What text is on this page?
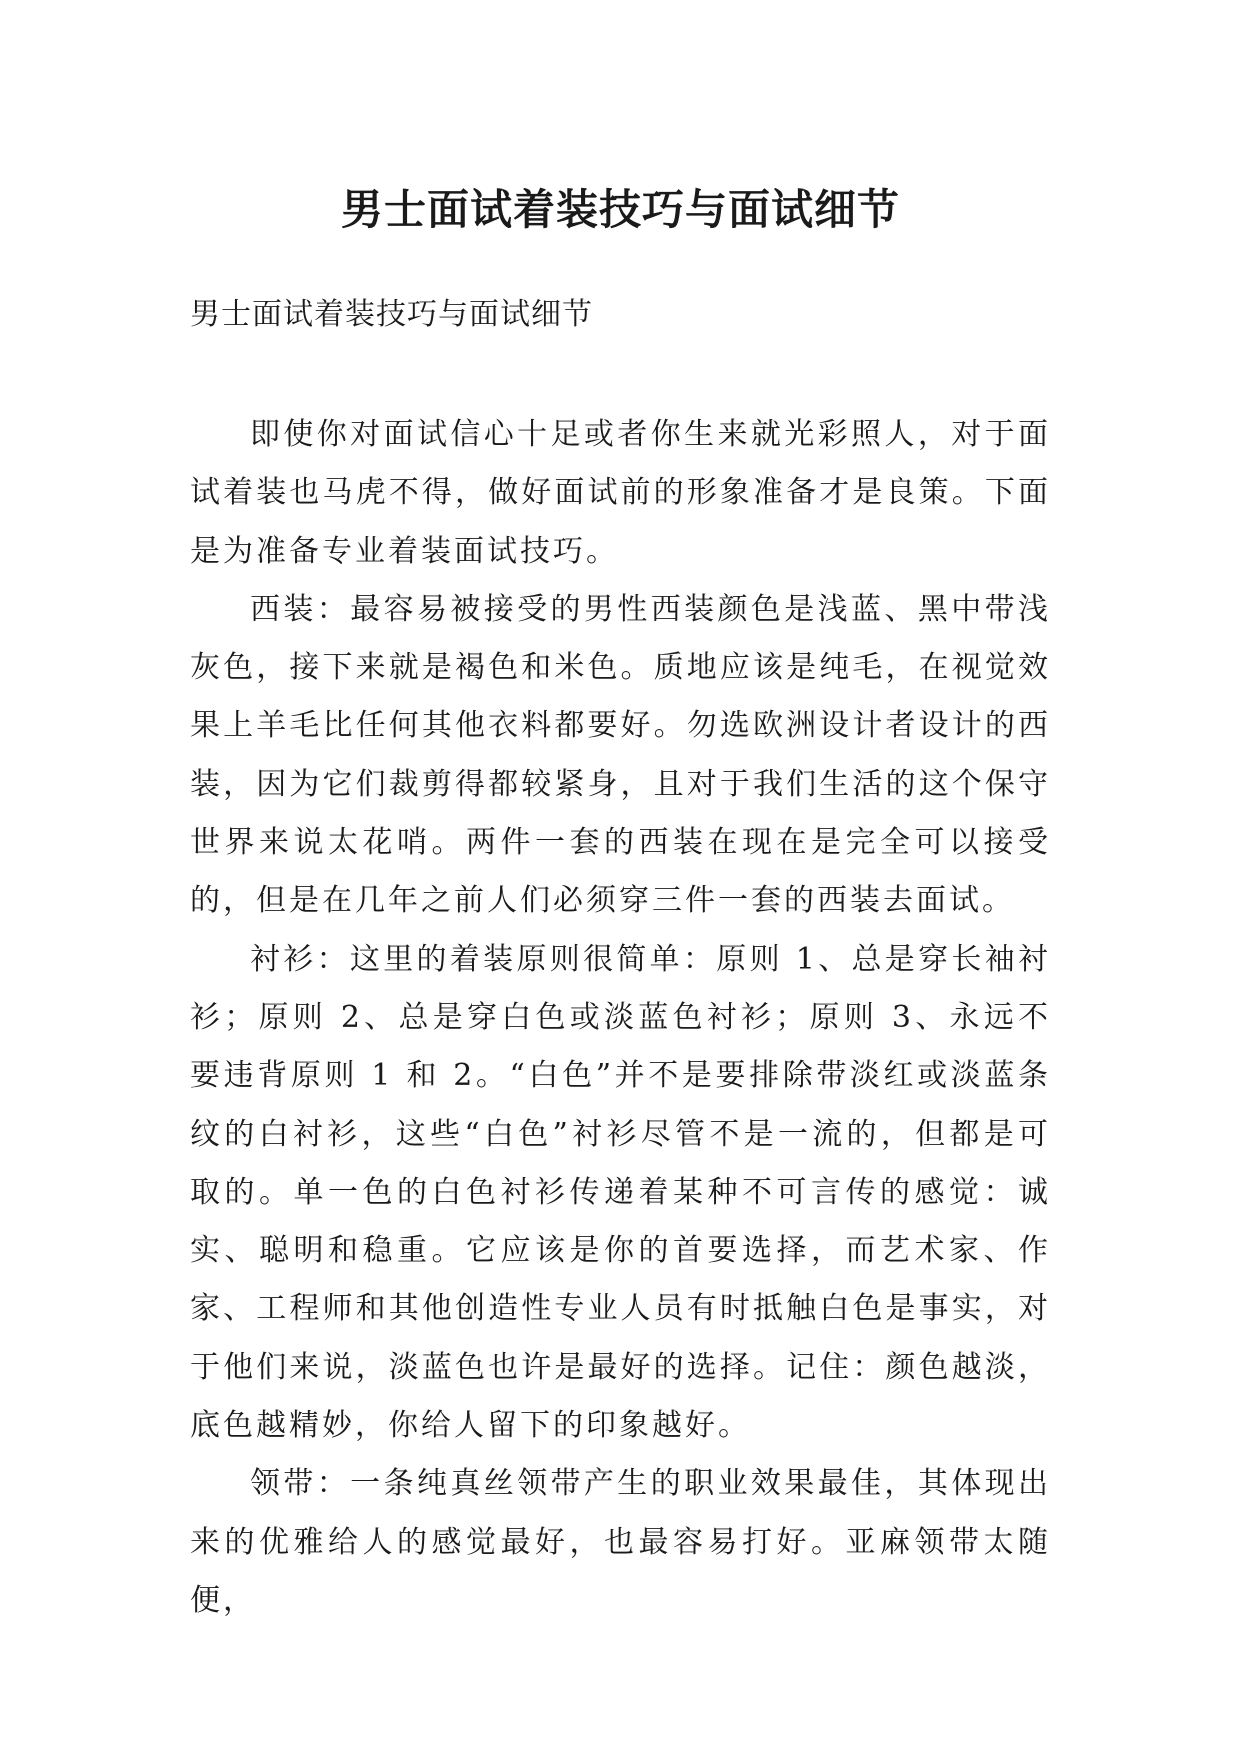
男士面试着装技巧与面试细节
男士面试着装技巧与面试细节

即使你对面试信心十足或者你生来就光彩照人，对于面试着装也马虎不得，做好面试前的形象准备才是良策。下面是为准备专业着装面试技巧。

西装：最容易被接受的男性西装颜色是浅蓝、黑中带浅灰色，接下来就是褐色和米色。质地应该是纯毛，在视觉效果上羊毛比任何其他衣料都要好。勿选欧洲设计者设计的西装，因为它们裁剪得都较紧身，且对于我们生活的这个保守世界来说太花哨。两件一套的西装在现在是完全可以接受的，但是在几年之前人们必须穿三件一套的西装去面试。

衬衫：这里的着装原则很简单：原则 1、总是穿长袖衬衫；原则 2、总是穿白色或淡蓝色衬衫；原则 3、永远不要违背原则 1 和 2。“白色”并不是要排除带淡红或淡蓝条纹的白衬衫，这些“白色”衬衫尽管不是一流的，但都是可取的。单一色的白色衬衫传递着某种不可言传的感觉：诚实、聪明和稳重。它应该是你的首要选择，而艺术家、作家、工程师和其他创造性专业人员有时抵触白色是事实，对于他们来说，淡蓝色也许是最好的选择。记住：颜色越淡，底色越精妙，你给人留下的印象越好。

领带：一条纯真丝领带产生的职业效果最佳，其体现出来的优雅给人的感觉最好，也最容易打好。亚麻领带太随便，
